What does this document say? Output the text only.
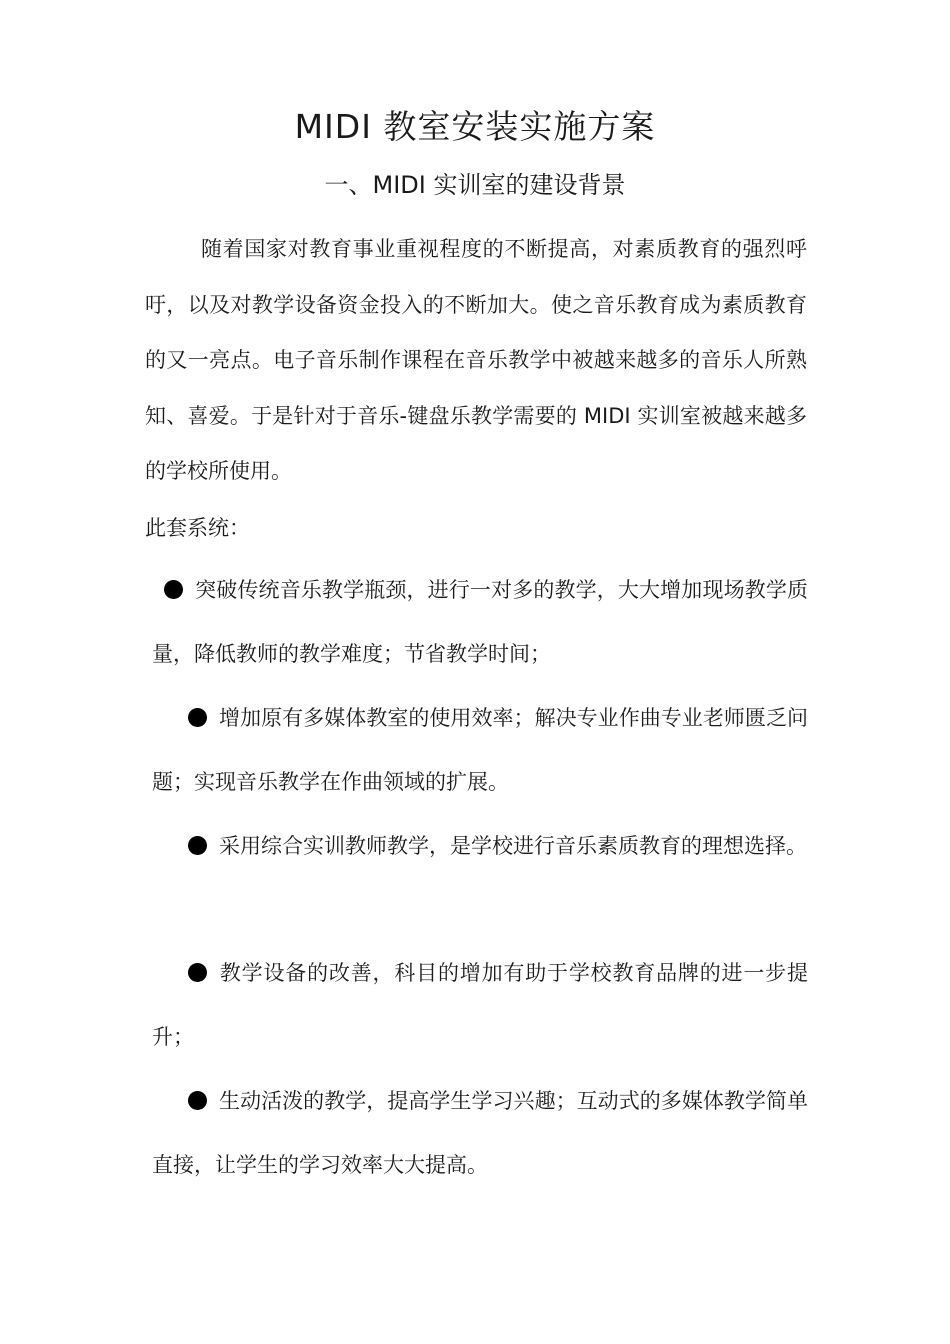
MIDI 教室安装实施方案
一、MIDI 实训室的建设背景

随着国家对教育事业重视程度的不断提高，对素质教育的强烈呼吁，以及对教学设备资金投入的不断加大。使之音乐教育成为素质教育的又一亮点。电子音乐制作课程在音乐教学中被越来越多的音乐人所熟知、喜爱。于是针对于音乐-键盘乐教学需要的 MIDI 实训室被越来越多的学校所使用。

此套系统：

突破传统音乐教学瓶颈，进行一对多的教学，大大增加现场教学质量，降低教师的教学难度；节省教学时间；

增加原有多媒体教室的使用效率；解决专业作曲专业老师匮乏问题；实现音乐教学在作曲领域的扩展。

采用综合实训教师教学，是学校进行音乐素质教育的理想选择。

教学设备的改善，科目的增加有助于学校教育品牌的进一步提升；

生动活泼的教学，提高学生学习兴趣；互动式的多媒体教学简单直接，让学生的学习效率大大提高。
